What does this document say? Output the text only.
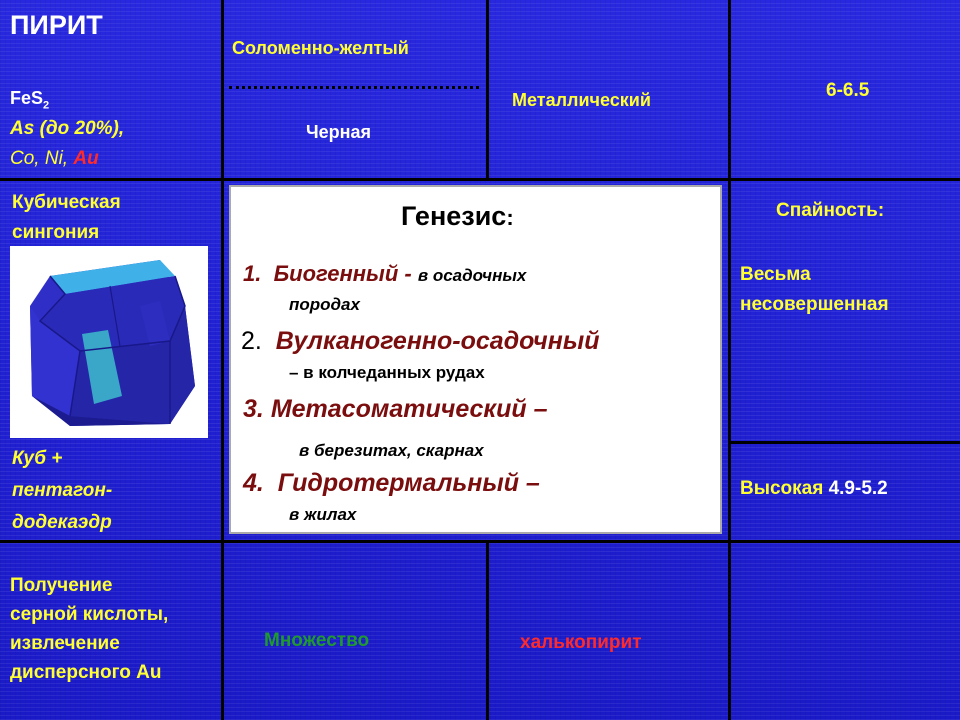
ПИРИТ

FeS$_2$

As (до 20%),

Co, Ni, Au

Соломенно-желтый

Черная

Металлический	6-6.5

Кубическая

сингония

Куб +

пентагон-

додекаэдр

Генезис:

1. Биогенный - в осадочных

породах

2. Вулканогенно-осадочный

– в колчеданных рудах

3. Метасоматический –

в березитах, скарнах

4. Гидротермальный –

в жилах

Спайность:

Весьма

несовершенная

Высокая 4.9-5.2

Получение

серной кислоты,

извлечение

дисперсного Au

Множество	халькопирит
